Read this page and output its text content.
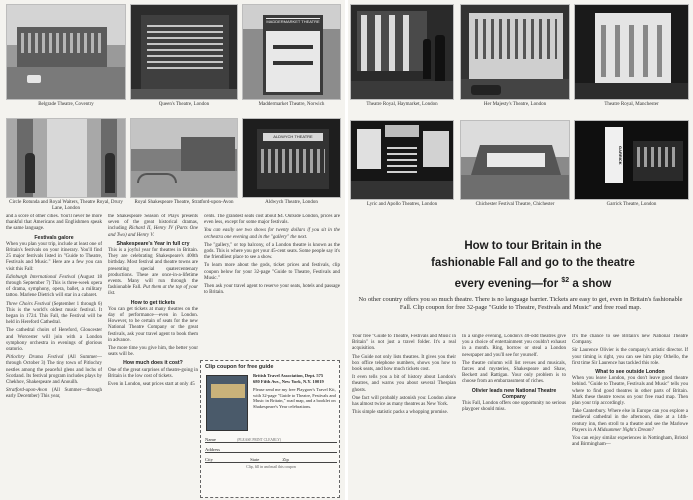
Belgrade Theatre, Coventry	Queen's Theatre, London
MADDERMARKET THEATRE
Maddermarket Theatre, Norwich
Circle Rotunda and Royal Waiters, Theatre Royal, Drury Lane, London
Royal Shakespeare Theatre, Stratford-upon-Avon
ALDWYCH THEATRE
Aldwych Theatre, London

and a score of other cities. You'll never be more thankful that Americans and Englishmen speak the same language.

Festivals galore

When you plan your trip, include at least one of Britain's festivals on your itinerary. You'll find 25 major festivals listed in "Guide to Theatre, Festivals and Music." Here are a few you can visit this Fall:

Edinburgh International Festival (August 18 through September 7) This is three-week opera of drama, symphony, opera, ballet, a military tattoo. Marlene Dietrich will star in a cabaret.

Three Choirs Festival (September 1 through 6) This is the world's oldest music festival. It began in 1724. This Fall, the Festival will be held in Hereford Cathedral.

The cathedral choirs of Hereford, Gloucester and Worcester will join with a London symphony orchestra in evenings of glorious oratorio.

Pitlochry Drama Festival (All Summer—through October 3) The tiny town of Pitlochry nestles among the peaceful glens and lochs of Scotland. Its festival program includes plays by Chekhov, Shakespeare and Anouilh.

Stratford-upon-Avon (All Summer—through early December) This year,

the Shakespeare Season of Plays presents seven of the great historical dramas, including Richard II, Henry IV (Parts One and Two) and Henry V.

Shakespeare's Year in full cry

This is a joyful year for theatres in Britain. They are celebrating Shakespeare's 400th birthday. Most festival and theatre towns are presenting special quatercentenary productions. These are once-in-a-lifetime events. Many will run through the fashionable Fall. Put them at the top of your list.

How to get tickets

You can get tickets at many theatres on the day of performance—even in London. However, to be certain of seats for the new National Theatre Company or the great festivals, ask your travel agent to book them in advance.

The more time you give him, the better your seats will be.

How much does it cost?

One of the great surprises of theatre-going in Britain is the low cost of tickets.

Even in London, seat prices start at only 45

cents. The grandest seats cost about $4. Outside London, prices are even less, except for some major festivals.

You can easily see two shows for twenty dollars if you sit in the orchestra one evening and in the "gallery" the next.

The "gallery," or top balcony, of a London theatre is known as the gods. This is where you get your 45-cent seats. Some people say it's the friendliest place to see a show.

To learn more about the gods, ticket prices and festivals, clip coupon below for your 32-page "Guide to Theatre, Festivals and Music."

Then ask your travel agent to reserve your seats, hotels and passage to Britain.

Clip coupon for free guide
British Travel Association, Dept. 575
680 Fifth Ave., New York, N.Y. 10019
Please send me my free Playgoer's Travel Kit, with 32-page "Guide to Theatre, Festivals and Music in Britain," road map, and a booklet on Shakespeare's Year celebrations.
Name	(PLEASE PRINT CLEARLY)
Address
City	State	Zip
Clip, fill in and mail this coupon
Theatre Royal, Haymarket, London	Her Majesty's Theatre, London	Theatre Royal, Manchester
Lyric and Apollo Theatres, London	Chichester Festival Theatre, Chichester
GARRICK
Garrick Theatre, London
How to tour Britain in the
fashionable Fall and go to the theatre
every evening—for $^{\$2}$ a show
No other country offers you so much theatre. There is no language barrier. Tickets are easy to get, even in Britain's fashionable Fall. Clip coupon for free 32-page "Guide to Theatre, Festivals and Music" and free road map.

Your free "Guide to Theatre, Festivals and Music in Britain" is not just a travel folder. It's a real acquisition.

The Guide not only lists theatres. It gives you their box office telephone numbers, shows you how to book seats, and how much tickets cost.

It even tells you a bit of history about London's theatres, and warns you about several Thespian ghosts.

One fact will probably astonish you: London alone has almost twice as many theatres as New York.

This simple statistic packs a whopping promise.

In a single evening, London's 40-odd theatres give you a choice of entertainment you couldn't exhaust in a month. Ring, borrow or steal a London newspaper and you'll see for yourself.

The theatre column will list revues and musicals, farces and mysteries, Shakespeare and Shaw, Beckett and Rattigan. Your only problem is to choose from an embarrassment of riches.

Olivier leads new National Theatre Company

This Fall, London offers one opportunity no serious playgoer should miss.

It's the chance to see Britain's new National Theatre Company.

Sir Laurence Olivier is the company's artistic director. If your timing is right, you can see him play Othello, the first time Sir Laurence has tackled this role.

What to see outside London

When you leave London, you don't leave good theatre behind. "Guide to Theatre, Festivals and Music" tells you where to find good theatres in other parts of Britain. Mark these theatre towns on your free road map. Then plan your trip accordingly.

Take Canterbury. Where else in Europe can you explore a medieval cathedral in the afternoon, dine at a 14th-century inn, then stroll to a theatre and see the Marlowe Players in A Midsummer Night's Dream?

You can enjoy similar experiences in Nottingham, Bristol and Birmingham—
